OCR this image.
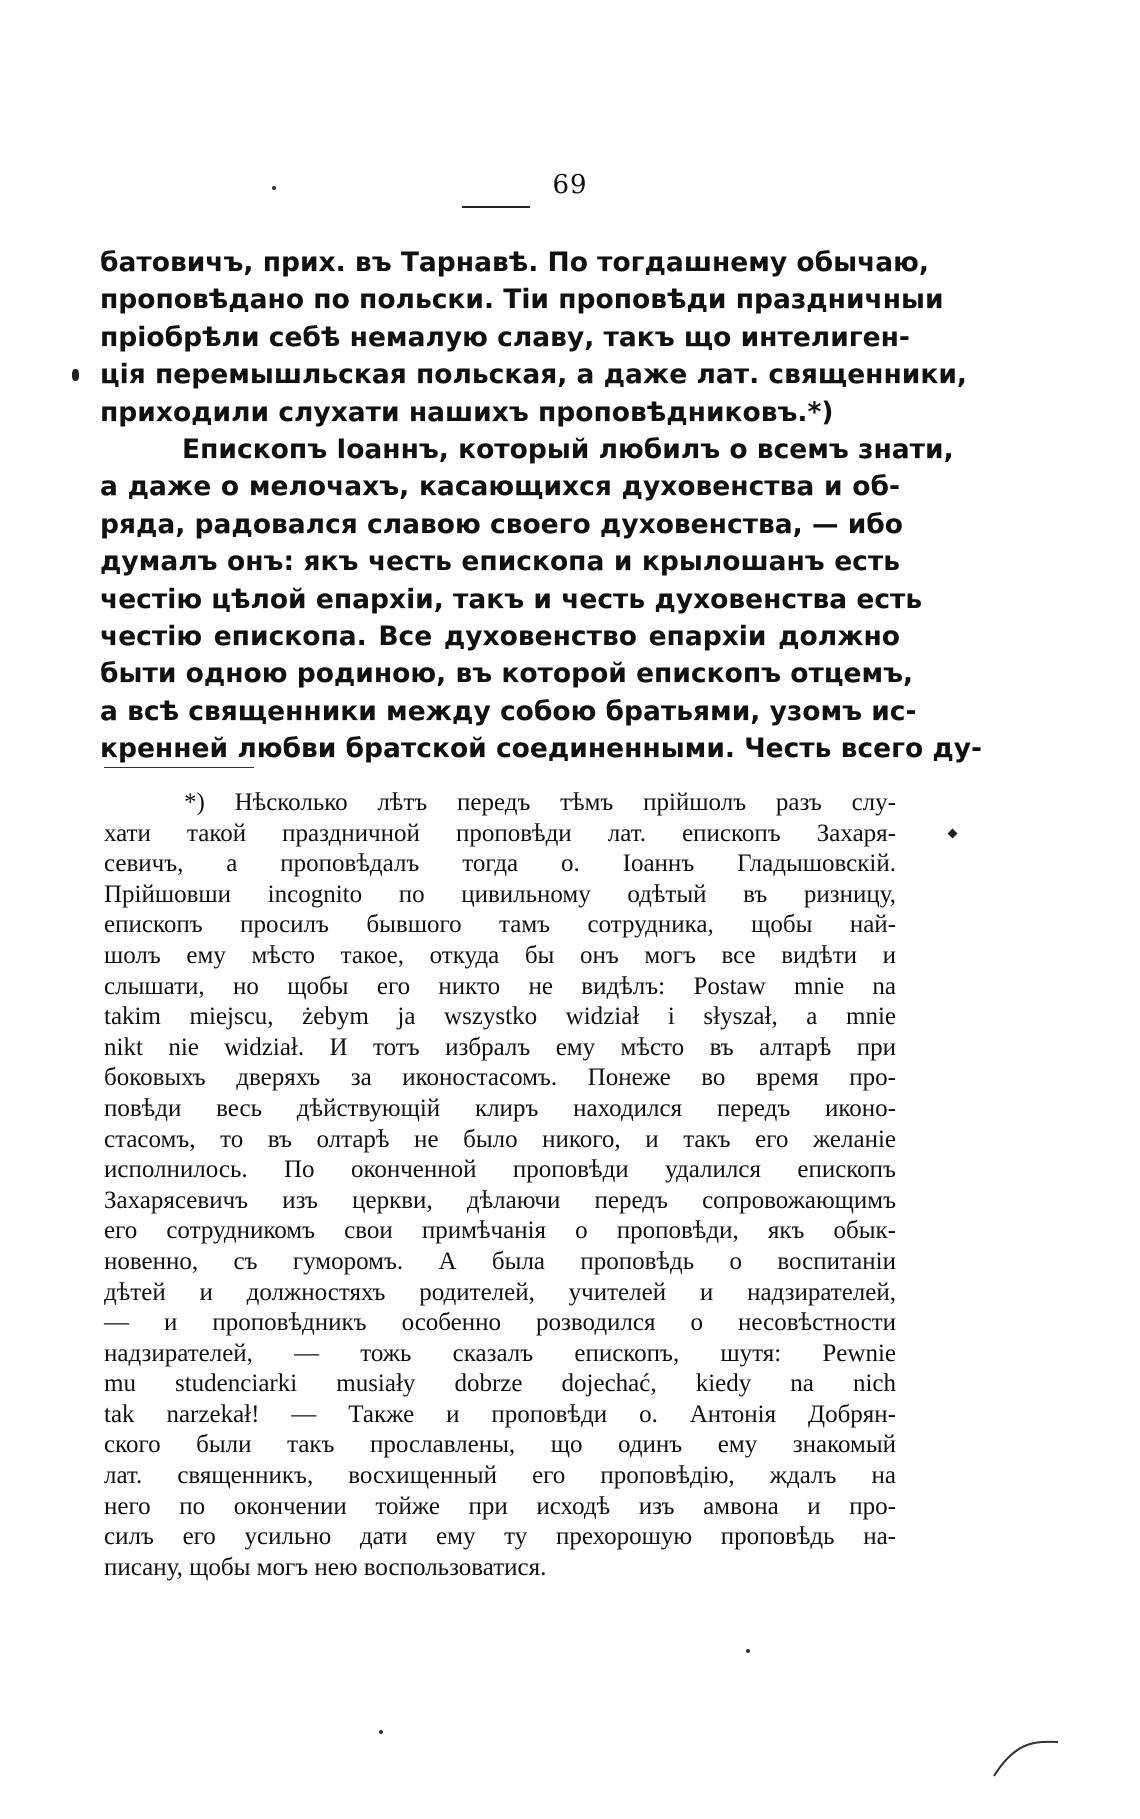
69
батовичъ, прих. въ Тарнавѣ. По тогдашнему обычаю,
проповѣдано по польски. Тіи проповѣди праздничныи
пріобрѣли себѣ немалую славу, такъ що интелиген-
ція перемышльская польская, а даже лат. священники,
приходили слухати нашихъ проповѣдниковъ.*)
Епископъ Іоаннъ, который любилъ о всемъ знати,
а даже о мелочахъ, касающихся духовенства и об-
ряда, радовался славою своего духовенства, — ибо
думалъ онъ: якъ честь епископа и крылошанъ есть
честію цѣлой епархіи, такъ и честь духовенства есть
честію епископа. Все духовенство епархіи должно
быти одною родиною, въ которой епископъ отцемъ,
а всѣ священники между собою братьями, узомъ ис-
кренней любви братской соединенными. Честь всего ду-
*) Нѣсколько лѣтъ передъ тѣмъ прійшолъ разъ слу-
хати такой праздничной проповѣди лат. епископъ Захаря-
севичъ, а проповѣдалъ тогда о. Іоаннъ Гладышовскій.
Прійшовши incognito по цивильному одѣтый въ ризницу,
епископъ просилъ бывшого тамъ сотрудника, щобы най-
шолъ ему мѣсто такое, откуда бы онъ могъ все видѣти и
слышати, но щобы его никто не видѣлъ: Postaw mnie na
takim miejscu, żebym ja wszystko widział i słyszał, a mnie
nikt nie widział. И тотъ избралъ ему мѣсто въ алтарѣ при
боковыхъ дверяхъ за иконостасомъ. Понеже во время про-
повѣди весь дѣйствующій клиръ находился передъ иконо-
стасомъ, то въ олтарѣ не было никого, и такъ его желаніе
исполнилось. По оконченной проповѣди удалился епископъ
Захарясевичъ изъ церкви, дѣлаючи передъ сопровожающимъ
его сотрудникомъ свои примѣчанія о проповѣди, якъ обык-
новенно, съ гуморомъ. А была проповѣдь о воспитаніи
дѣтей и должностяхъ родителей, учителей и надзирателей,
— и проповѣдникъ особенно розводился о несовѣстности
надзирателей, — тожь сказалъ епископъ, шутя: Pewnie
mu studenciarki musiały dobrze dojechać, kiedy na nich
tak narzekał! — Также и проповѣди о. Антонія Добрян-
ского были такъ прославлены, що одинъ ему знакомый
лат. священникъ, восхищенный его проповѣдію, ждалъ на
него по окончении тойже при исходѣ изъ амвона и про-
силъ его усильно дати ему ту прехорошую проповѣдь на-
писану, щобы могъ нею воспользоватися.
